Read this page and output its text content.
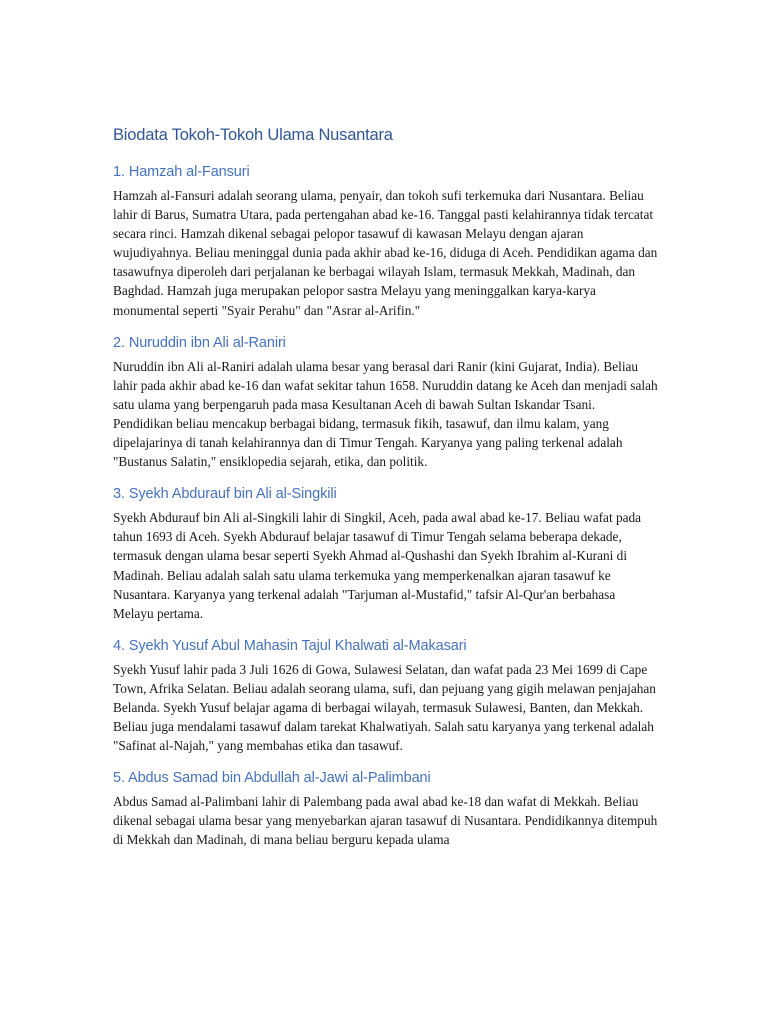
Biodata Tokoh-Tokoh Ulama Nusantara
1. Hamzah al-Fansuri

Hamzah al-Fansuri adalah seorang ulama, penyair, dan tokoh sufi terkemuka dari Nusantara. Beliau lahir di Barus, Sumatra Utara, pada pertengahan abad ke-16. Tanggal pasti kelahirannya tidak tercatat secara rinci. Hamzah dikenal sebagai pelopor tasawuf di kawasan Melayu dengan ajaran wujudiyahnya. Beliau meninggal dunia pada akhir abad ke-16, diduga di Aceh. Pendidikan agama dan tasawufnya diperoleh dari perjalanan ke berbagai wilayah Islam, termasuk Mekkah, Madinah, dan Baghdad. Hamzah juga merupakan pelopor sastra Melayu yang meninggalkan karya-karya monumental seperti "Syair Perahu" dan "Asrar al-Arifin."

2. Nuruddin ibn Ali al-Raniri

Nuruddin ibn Ali al-Raniri adalah ulama besar yang berasal dari Ranir (kini Gujarat, India). Beliau lahir pada akhir abad ke-16 dan wafat sekitar tahun 1658. Nuruddin datang ke Aceh dan menjadi salah satu ulama yang berpengaruh pada masa Kesultanan Aceh di bawah Sultan Iskandar Tsani. Pendidikan beliau mencakup berbagai bidang, termasuk fikih, tasawuf, dan ilmu kalam, yang dipelajarinya di tanah kelahirannya dan di Timur Tengah. Karyanya yang paling terkenal adalah "Bustanus Salatin," ensiklopedia sejarah, etika, dan politik.

3. Syekh Abdurauf bin Ali al-Singkili

Syekh Abdurauf bin Ali al-Singkili lahir di Singkil, Aceh, pada awal abad ke-17. Beliau wafat pada tahun 1693 di Aceh. Syekh Abdurauf belajar tasawuf di Timur Tengah selama beberapa dekade, termasuk dengan ulama besar seperti Syekh Ahmad al-Qushashi dan Syekh Ibrahim al-Kurani di Madinah. Beliau adalah salah satu ulama terkemuka yang memperkenalkan ajaran tasawuf ke Nusantara. Karyanya yang terkenal adalah "Tarjuman al-Mustafid," tafsir Al-Qur'an berbahasa Melayu pertama.

4. Syekh Yusuf Abul Mahasin Tajul Khalwati al-Makasari

Syekh Yusuf lahir pada 3 Juli 1626 di Gowa, Sulawesi Selatan, dan wafat pada 23 Mei 1699 di Cape Town, Afrika Selatan. Beliau adalah seorang ulama, sufi, dan pejuang yang gigih melawan penjajahan Belanda. Syekh Yusuf belajar agama di berbagai wilayah, termasuk Sulawesi, Banten, dan Mekkah. Beliau juga mendalami tasawuf dalam tarekat Khalwatiyah. Salah satu karyanya yang terkenal adalah "Safinat al-Najah," yang membahas etika dan tasawuf.

5. Abdus Samad bin Abdullah al-Jawi al-Palimbani

Abdus Samad al-Palimbani lahir di Palembang pada awal abad ke-18 dan wafat di Mekkah. Beliau dikenal sebagai ulama besar yang menyebarkan ajaran tasawuf di Nusantara. Pendidikannya ditempuh di Mekkah dan Madinah, di mana beliau berguru kepada ulama
